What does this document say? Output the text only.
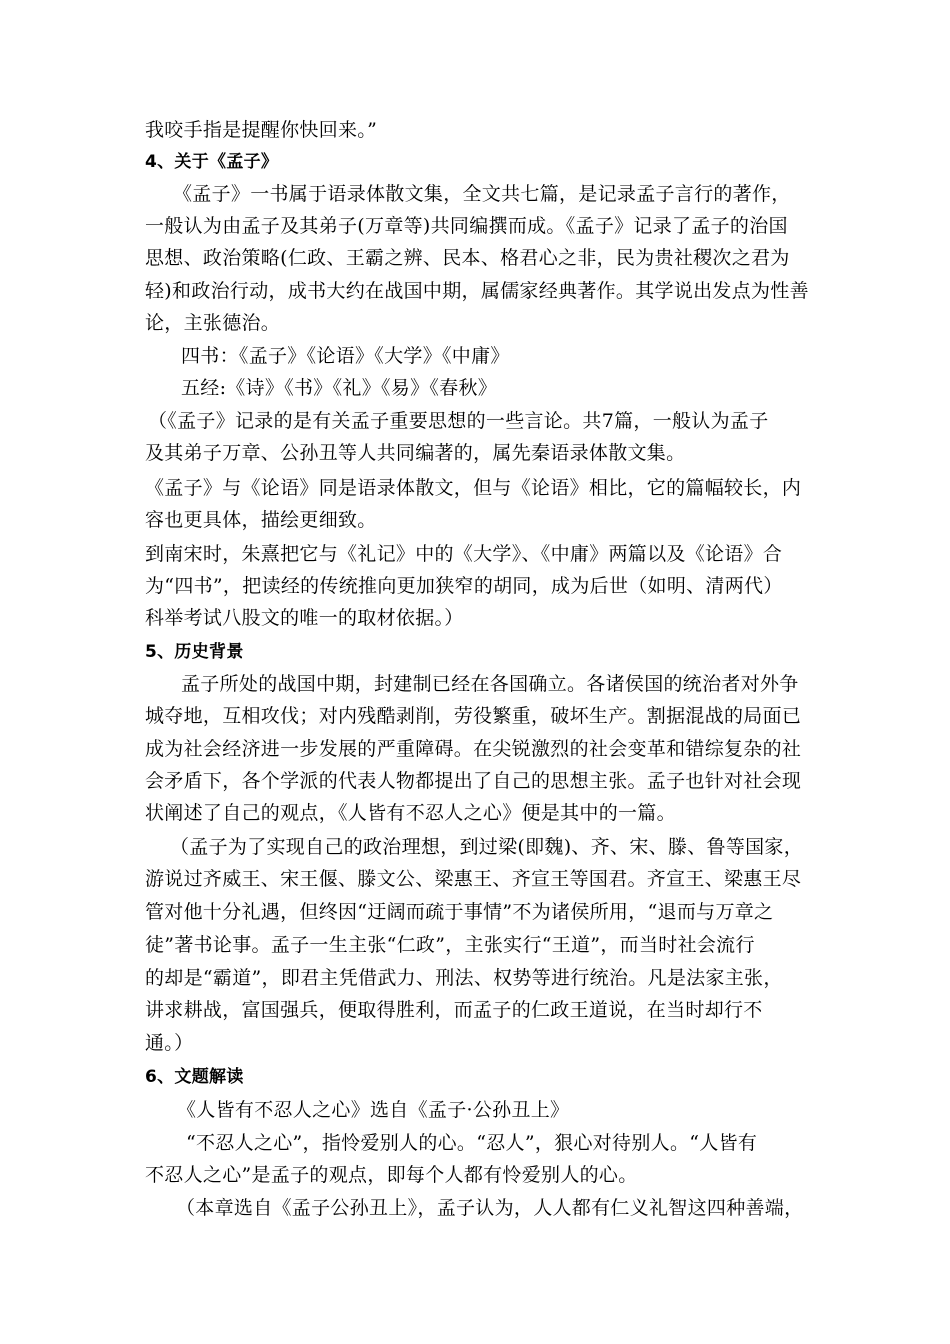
我咬手指是提醒你快回来。”
4、关于《孟子》
《孟子》一书属于语录体散文集，全文共七篇，是记录孟子言行的著作，
一般认为由孟子及其弟子(万章等)共同编撰而成。《孟子》记录了孟子的治国
思想、政治策略(仁政、王霸之辨、民本、格君心之非，民为贵社稷次之君为
轻)和政治行动，成书大约在战国中期，属儒家经典著作。其学说出发点为性善
论，主张德治。
四书：《孟子》《论语》《大学》《中庸》
五经:《诗》《书》《礼》《易》《春秋》
（《孟子》记录的是有关孟子重要思想的一些言论。共7篇，一般认为孟子
及其弟子万章、公孙丑等人共同编著的，属先秦语录体散文集。
《孟子》与《论语》同是语录体散文，但与《论语》相比，它的篇幅较长，内
容也更具体，描绘更细致。
到南宋时，朱熹把它与《礼记》中的《大学》、《中庸》两篇以及《论语》合
为“四书”，把读经的传统推向更加狭窄的胡同，成为后世（如明、清两代）
科举考试八股文的唯一的取材依据。）
5、历史背景
孟子所处的战国中期，封建制已经在各国确立。各诸侯国的统治者对外争
城夺地，互相攻伐；对内残酷剥削，劳役繁重，破坏生产。割据混战的局面已
成为社会经济进一步发展的严重障碍。在尖锐激烈的社会变革和错综复杂的社
会矛盾下，各个学派的代表人物都提出了自己的思想主张。孟子也针对社会现
状阐述了自己的观点，《人皆有不忍人之心》便是其中的一篇。
（孟子为了实现自己的政治理想，到过梁(即魏)、齐、宋、滕、鲁等国家，
游说过齐威王、宋王偃、滕文公、梁惠王、齐宣王等国君。齐宣王、梁惠王尽
管对他十分礼遇，但终因“迂阔而疏于事情”不为诸侯所用，“退而与万章之
徒”著书论事。孟子一生主张“仁政”，主张实行“王道”，而当时社会流行
的却是“霸道”，即君主凭借武力、刑法、权势等进行统治。凡是法家主张，
讲求耕战，富国强兵，便取得胜利，而孟子的仁政王道说，在当时却行不
通。）
6、文题解读
《人皆有不忍人之心》选自《孟子·公孙丑上》
“不忍人之心”，指怜爱别人的心。“忍人”，狠心对待别人。“人皆有
不忍人之心”是孟子的观点，即每个人都有怜爱别人的心。
（本章选自《孟子公孙丑上》，孟子认为，人人都有仁义礼智这四种善端，
